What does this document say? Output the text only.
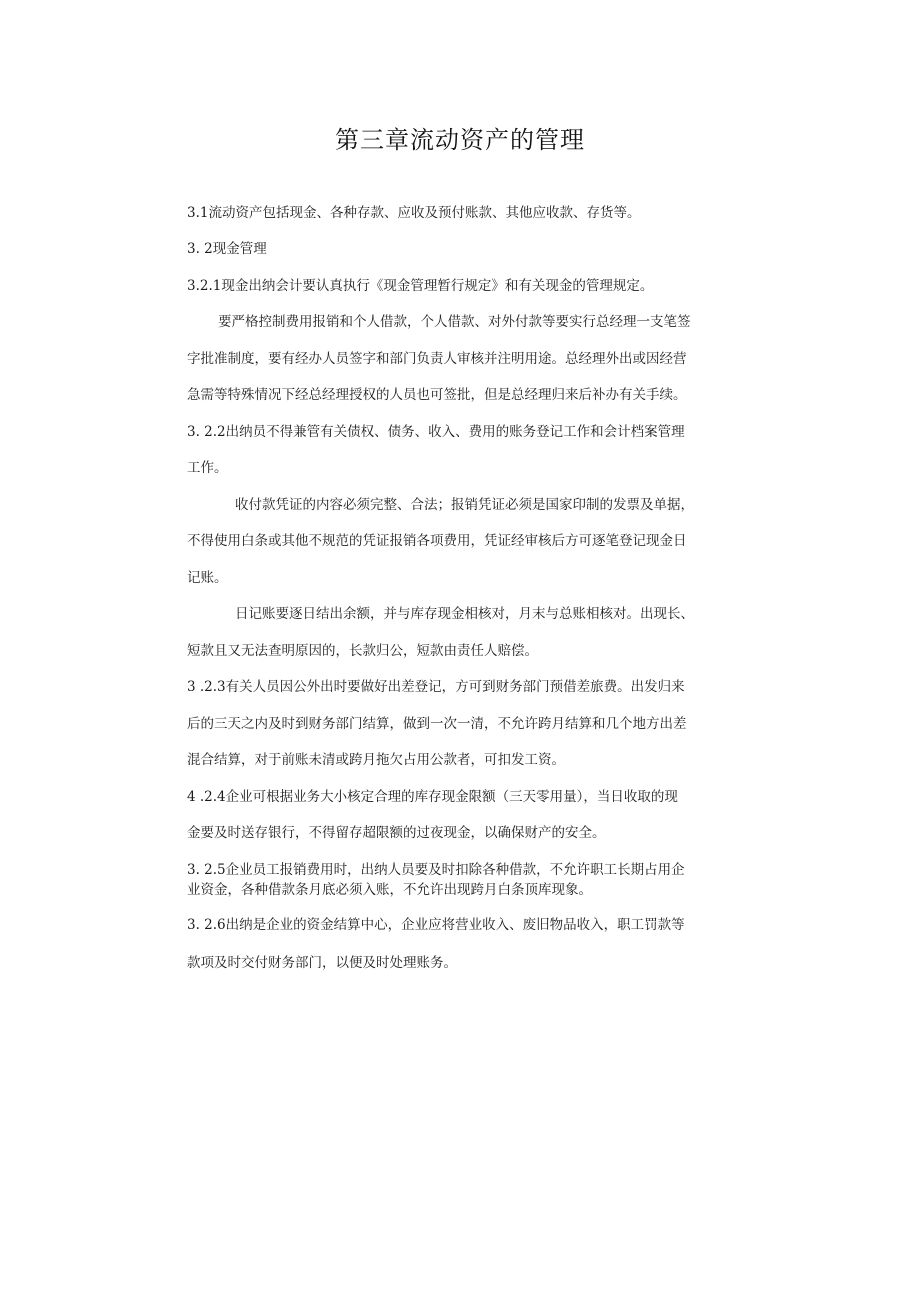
第三章流动资产的管理
3.1流动资产包括现金、各种存款、应收及预付账款、其他应收款、存货等。
3. 2现金管理
3.2.1现金出纳会计要认真执行《现金管理暂行规定》和有关现金的管理规定。
要严格控制费用报销和个人借款，个人借款、对外付款等要实行总经理一支笔签
字批准制度，要有经办人员签字和部门负责人审核并注明用途。总经理外出或因经营
急需等特殊情况下经总经理授权的人员也可签批，但是总经理归来后补办有关手续。
3. 2.2出纳员不得兼管有关债权、债务、收入、费用的账务登记工作和会计档案管理
工作。
收付款凭证的内容必须完整、合法；报销凭证必须是国家印制的发票及单据，
不得使用白条或其他不规范的凭证报销各项费用，凭证经审核后方可逐笔登记现金日
记账。
日记账要逐日结出余额，并与库存现金相核对，月末与总账相核对。出现长、
短款且又无法查明原因的，长款归公，短款由责任人赔偿。
3 .2.3有关人员因公外出时要做好出差登记，方可到财务部门预借差旅费。出发归来
后的三天之内及时到财务部门结算，做到一次一清，不允许跨月结算和几个地方出差
混合结算，对于前账未清或跨月拖欠占用公款者，可扣发工资。
4 .2.4企业可根据业务大小核定合理的库存现金限额（三天零用量），当日收取的现
金要及时送存银行，不得留存超限额的过夜现金，以确保财产的安全。
3. 2.5企业员工报销费用时，出纳人员要及时扣除各种借款，不允许职工长期占用企
业资金，各种借款条月底必须入账，不允许出现跨月白条顶库现象。
3. 2.6出纳是企业的资金结算中心，企业应将营业收入、废旧物品收入，职工罚款等
款项及时交付财务部门，以便及时处理账务。
